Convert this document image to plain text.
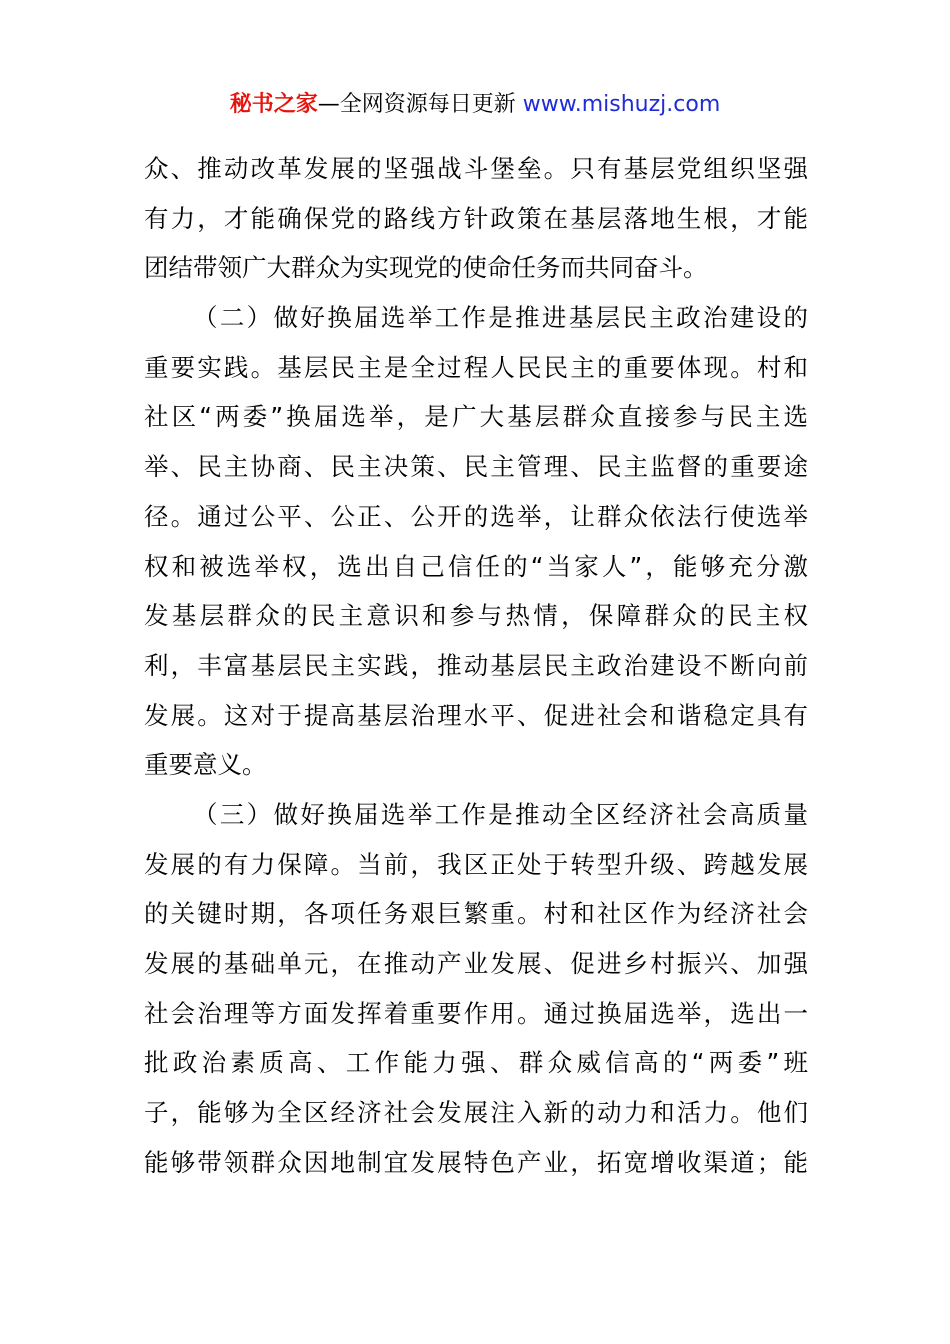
秘书之家—全网资源每日更新 www.mishuzj.com
众、推动改革发展的坚强战斗堡垒。只有基层党组织坚强
有力，才能确保党的路线方针政策在基层落地生根，才能
团结带领广大群众为实现党的使命任务而共同奋斗。
（二）做好换届选举工作是推进基层民主政治建设的
重要实践。基层民主是全过程人民民主的重要体现。村和
社区“两委”换届选举，是广大基层群众直接参与民主选
举、民主协商、民主决策、民主管理、民主监督的重要途
径。通过公平、公正、公开的选举，让群众依法行使选举
权和被选举权，选出自己信任的“当家人”，能够充分激
发基层群众的民主意识和参与热情，保障群众的民主权
利，丰富基层民主实践，推动基层民主政治建设不断向前
发展。这对于提高基层治理水平、促进社会和谐稳定具有
重要意义。
（三）做好换届选举工作是推动全区经济社会高质量
发展的有力保障。当前，我区正处于转型升级、跨越发展
的关键时期，各项任务艰巨繁重。村和社区作为经济社会
发展的基础单元，在推动产业发展、促进乡村振兴、加强
社会治理等方面发挥着重要作用。通过换届选举，选出一
批政治素质高、工作能力强、群众威信高的“两委”班
子，能够为全区经济社会发展注入新的动力和活力。他们
能够带领群众因地制宜发展特色产业，拓宽增收渠道；能
